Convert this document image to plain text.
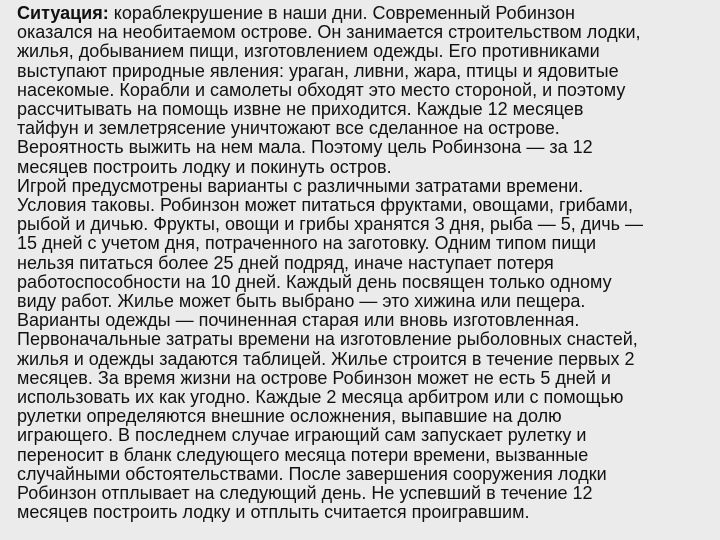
Ситуация: кораблекрушение в наши дни. Современный Робинзон
оказался на необитаемом острове. Он занимается строительством лодки,
жилья, добыванием пищи, изготовлением одежды. Его противниками
выступают природные явления: ураган, ливни, жара, птицы и ядовитые
насекомые. Корабли и самолеты обходят это место стороной, и поэтому
рассчитывать на помощь извне не приходится. Каждые 12 месяцев
тайфун и землетрясение уничтожают все сделанное на острове.
Вероятность выжить на нем мала. Поэтому цель Робинзона — за 12
месяцев построить лодку и покинуть остров.
Игрой предусмотрены варианты с различными затратами времени.
Условия таковы. Робинзон может питаться фруктами, овощами, грибами,
рыбой и дичью. Фрукты, овощи и грибы хранятся 3 дня, рыба — 5, дичь —
15 дней с учетом дня, потраченного на заготовку. Одним типом пищи
нельзя питаться более 25 дней подряд, иначе наступает потеря
работоспособности на 10 дней. Каждый день посвящен только одному
виду работ. Жилье может быть выбрано — это хижина или пещера.
Варианты одежды — починенная старая или вновь изготовленная.
Первоначальные затраты времени на изготовление рыболовных снастей,
жилья и одежды задаются таблицей. Жилье строится в течение первых 2
месяцев. За время жизни на острове Робинзон может не есть 5 дней и
использовать их как угодно. Каждые 2 месяца арбитром или с помощью
рулетки определяются внешние осложнения, выпавшие на долю
играющего. В последнем случае играющий сам запускает рулетку и
переносит в бланк следующего месяца потери времени, вызванные
случайными обстоятельствами. После завершения сооружения лодки
Робинзон отплывает на следующий день. Не успевший в течение 12
месяцев построить лодку и отплыть считается проигравшим.
